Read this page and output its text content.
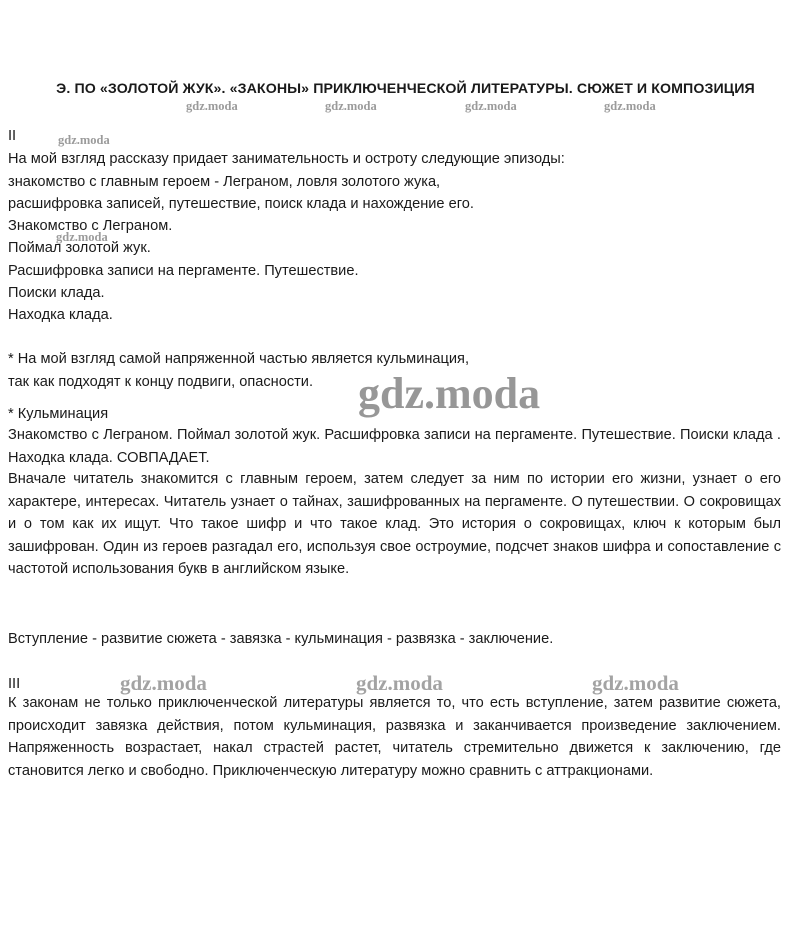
Э. ПО «ЗОЛОТОЙ ЖУК». «ЗАКОНЫ» ПРИКЛЮЧЕНЧЕСКОЙ ЛИТЕРАТУРЫ. СЮЖЕТ И КОМПОЗИЦИЯ
gdz.moda	gdz.moda	gdz.moda	gdz.moda
II	gdz.moda
На мой взгляд рассказу придает занимательность и остроту следующие эпизоды:
знакомство с главным героем - Леграном, ловля золотого жука,
расшифровка записей, путешествие, поиск клада и нахождение его.
Знакомство с Леграном.
gdz.moda
Поймал золотой жук.
Расшифровка записи на пергаменте. Путешествие.
Поиски клада.
Находка клада.
* На мой взгляд самой напряженной частью является кульминация,
так как подходят к концу подвиги, опасности.
* Кульминация	gdz.moda
Знакомство с Леграном. Поймал золотой жук. Расшифровка записи на пергаменте. Путешествие. Поиски клада . Находка клада. СОВПАДАЕТ.
Вначале читатель знакомится с главным героем, затем следует за ним по истории его жизни, узнает о его характере, интересах. Читатель узнает о тайнах, зашифрованных на пергаменте. О путешествии. О сокровищах и о том как их ищут. Что такое шифр и что такое клад. Это история о сокровищах, ключ к которым был зашифрован. Один из героев разгадал его, используя свое остроумие, подсчет знаков шифра и сопоставление с частотой использования букв в английском языке.
Вступление - развитие сюжета - завязка - кульминация - развязка - заключение.
III	gdz.moda	gdz.moda	gdz.moda
К законам не только приключенческой литературы является то, что есть вступление, затем развитие сюжета, происходит завязка действия, потом кульминация, развязка и заканчивается произведение заключением. Напряженность возрастает, накал страстей растет, читатель стремительно движется к заключению, где становится легко и свободно. Приключенческую литературу можно сравнить с аттракционами.
